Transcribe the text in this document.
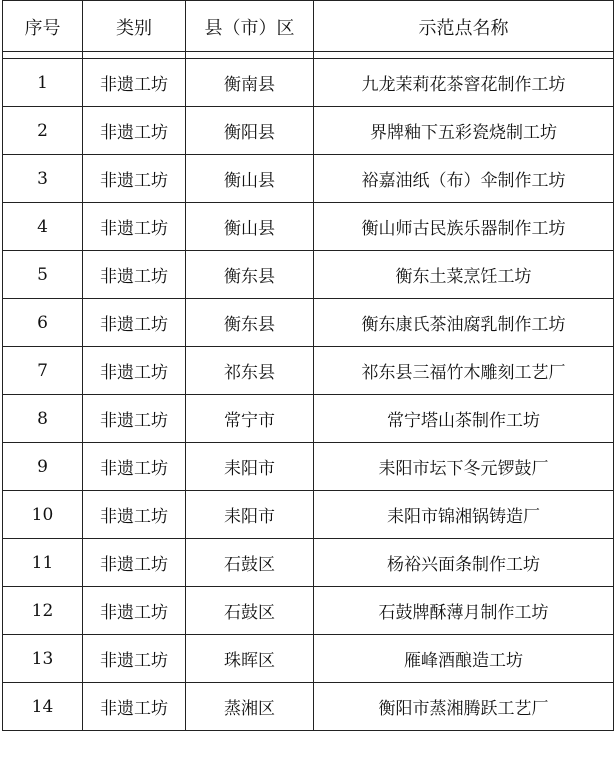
序号	类别	县（市）区	示范点名称

1	非遗工坊	衡南县	九龙茉莉花茶窨花制作工坊
2	非遗工坊	衡阳县	界牌釉下五彩瓷烧制工坊
3	非遗工坊	衡山县	裕嘉油纸（布）伞制作工坊
4	非遗工坊	衡山县	衡山师古民族乐器制作工坊
5	非遗工坊	衡东县	衡东土菜烹饪工坊
6	非遗工坊	衡东县	衡东康氏茶油腐乳制作工坊
7	非遗工坊	祁东县	祁东县三福竹木雕刻工艺厂
8	非遗工坊	常宁市	常宁塔山茶制作工坊
9	非遗工坊	耒阳市	耒阳市坛下冬元锣鼓厂
10	非遗工坊	耒阳市	耒阳市锦湘锅铸造厂
11	非遗工坊	石鼓区	杨裕兴面条制作工坊
12	非遗工坊	石鼓区	石鼓牌酥薄月制作工坊
13	非遗工坊	珠晖区	雁峰酒酿造工坊
14	非遗工坊	蒸湘区	衡阳市蒸湘腾跃工艺厂
